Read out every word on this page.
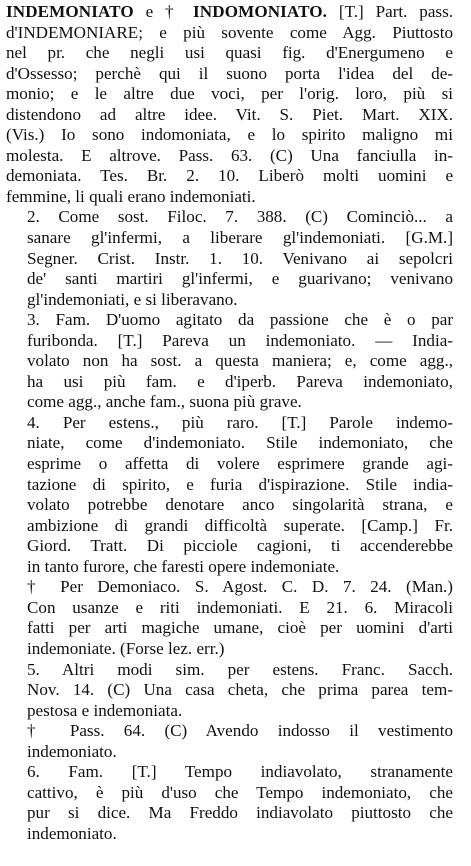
INDEMONIATO e † INDOMONIATO. [T.] Part. pass.
d'INDEMONIARE; e più sovente come Agg. Piuttosto
nel pr. che negli usi quasi fig. d'Energumeno e
d'Ossesso; perchè qui il suono porta l'idea del de-
monio; e le altre due voci, per l'orig. loro, più si
distendono ad altre idee. Vit. S. Piet. Mart. XIX.
(Vis.) Io sono indomoniata, e lo spirito maligno mi
molesta. E altrove. Pass. 63. (C) Una fanciulla in-
demoniata. Tes. Br. 2. 10. Liberò molti uomini e
femmine, li quali erano indemoniati.
2. Come sost. Filoc. 7. 388. (C) Cominciò... a
sanare gl'infermi, a liberare gl'indemoniati. [G.M.]
Segner. Crist. Instr. 1. 10. Venivano ai sepolcri
de' santi martiri gl'infermi, e guarivano; venivano
gl'indemoniati, e si liberavano.
3. Fam. D'uomo agitato da passione che è o par
furibonda. [T.] Pareva un indemoniato. — India-
volato non ha sost. a questa maniera; e, come agg.,
ha usi più fam. e d'iperb. Pareva indemoniato,
come agg., anche fam., suona più grave.
4. Per estens., più raro. [T.] Parole indemo-
niate, come d'indemoniato. Stile indemoniato, che
esprime o affetta di volere esprimere grande agi-
tazione di spirito, e furia d'ispirazione. Stile india-
volato potrebbe denotare anco singolarità strana, e
ambizione di grandi difficoltà superate. [Camp.] Fr.
Giord. Tratt. Di picciole cagioni, ti accenderebbe
in tanto furore, che faresti opere indemoniate.
† Per Demoniaco. S. Agost. C. D. 7. 24. (Man.)
Con usanze e riti indemoniati. E 21. 6. Miracoli
fatti per arti magiche umane, cioè per uomini d'arti
indemoniate. (Forse lez. err.)
5. Altri modi sim. per estens. Franc. Sacch.
Nov. 14. (C) Una casa cheta, che prima parea tem-
pestosa e indemoniata.
† Pass. 64. (C) Avendo indosso il vestimento
indemoniato.
6. Fam. [T.] Tempo indiavolato, stranamente
cattivo, è più d'uso che Tempo indemoniato, che
pur si dice. Ma Freddo indiavolato piuttosto che
indemoniato.
